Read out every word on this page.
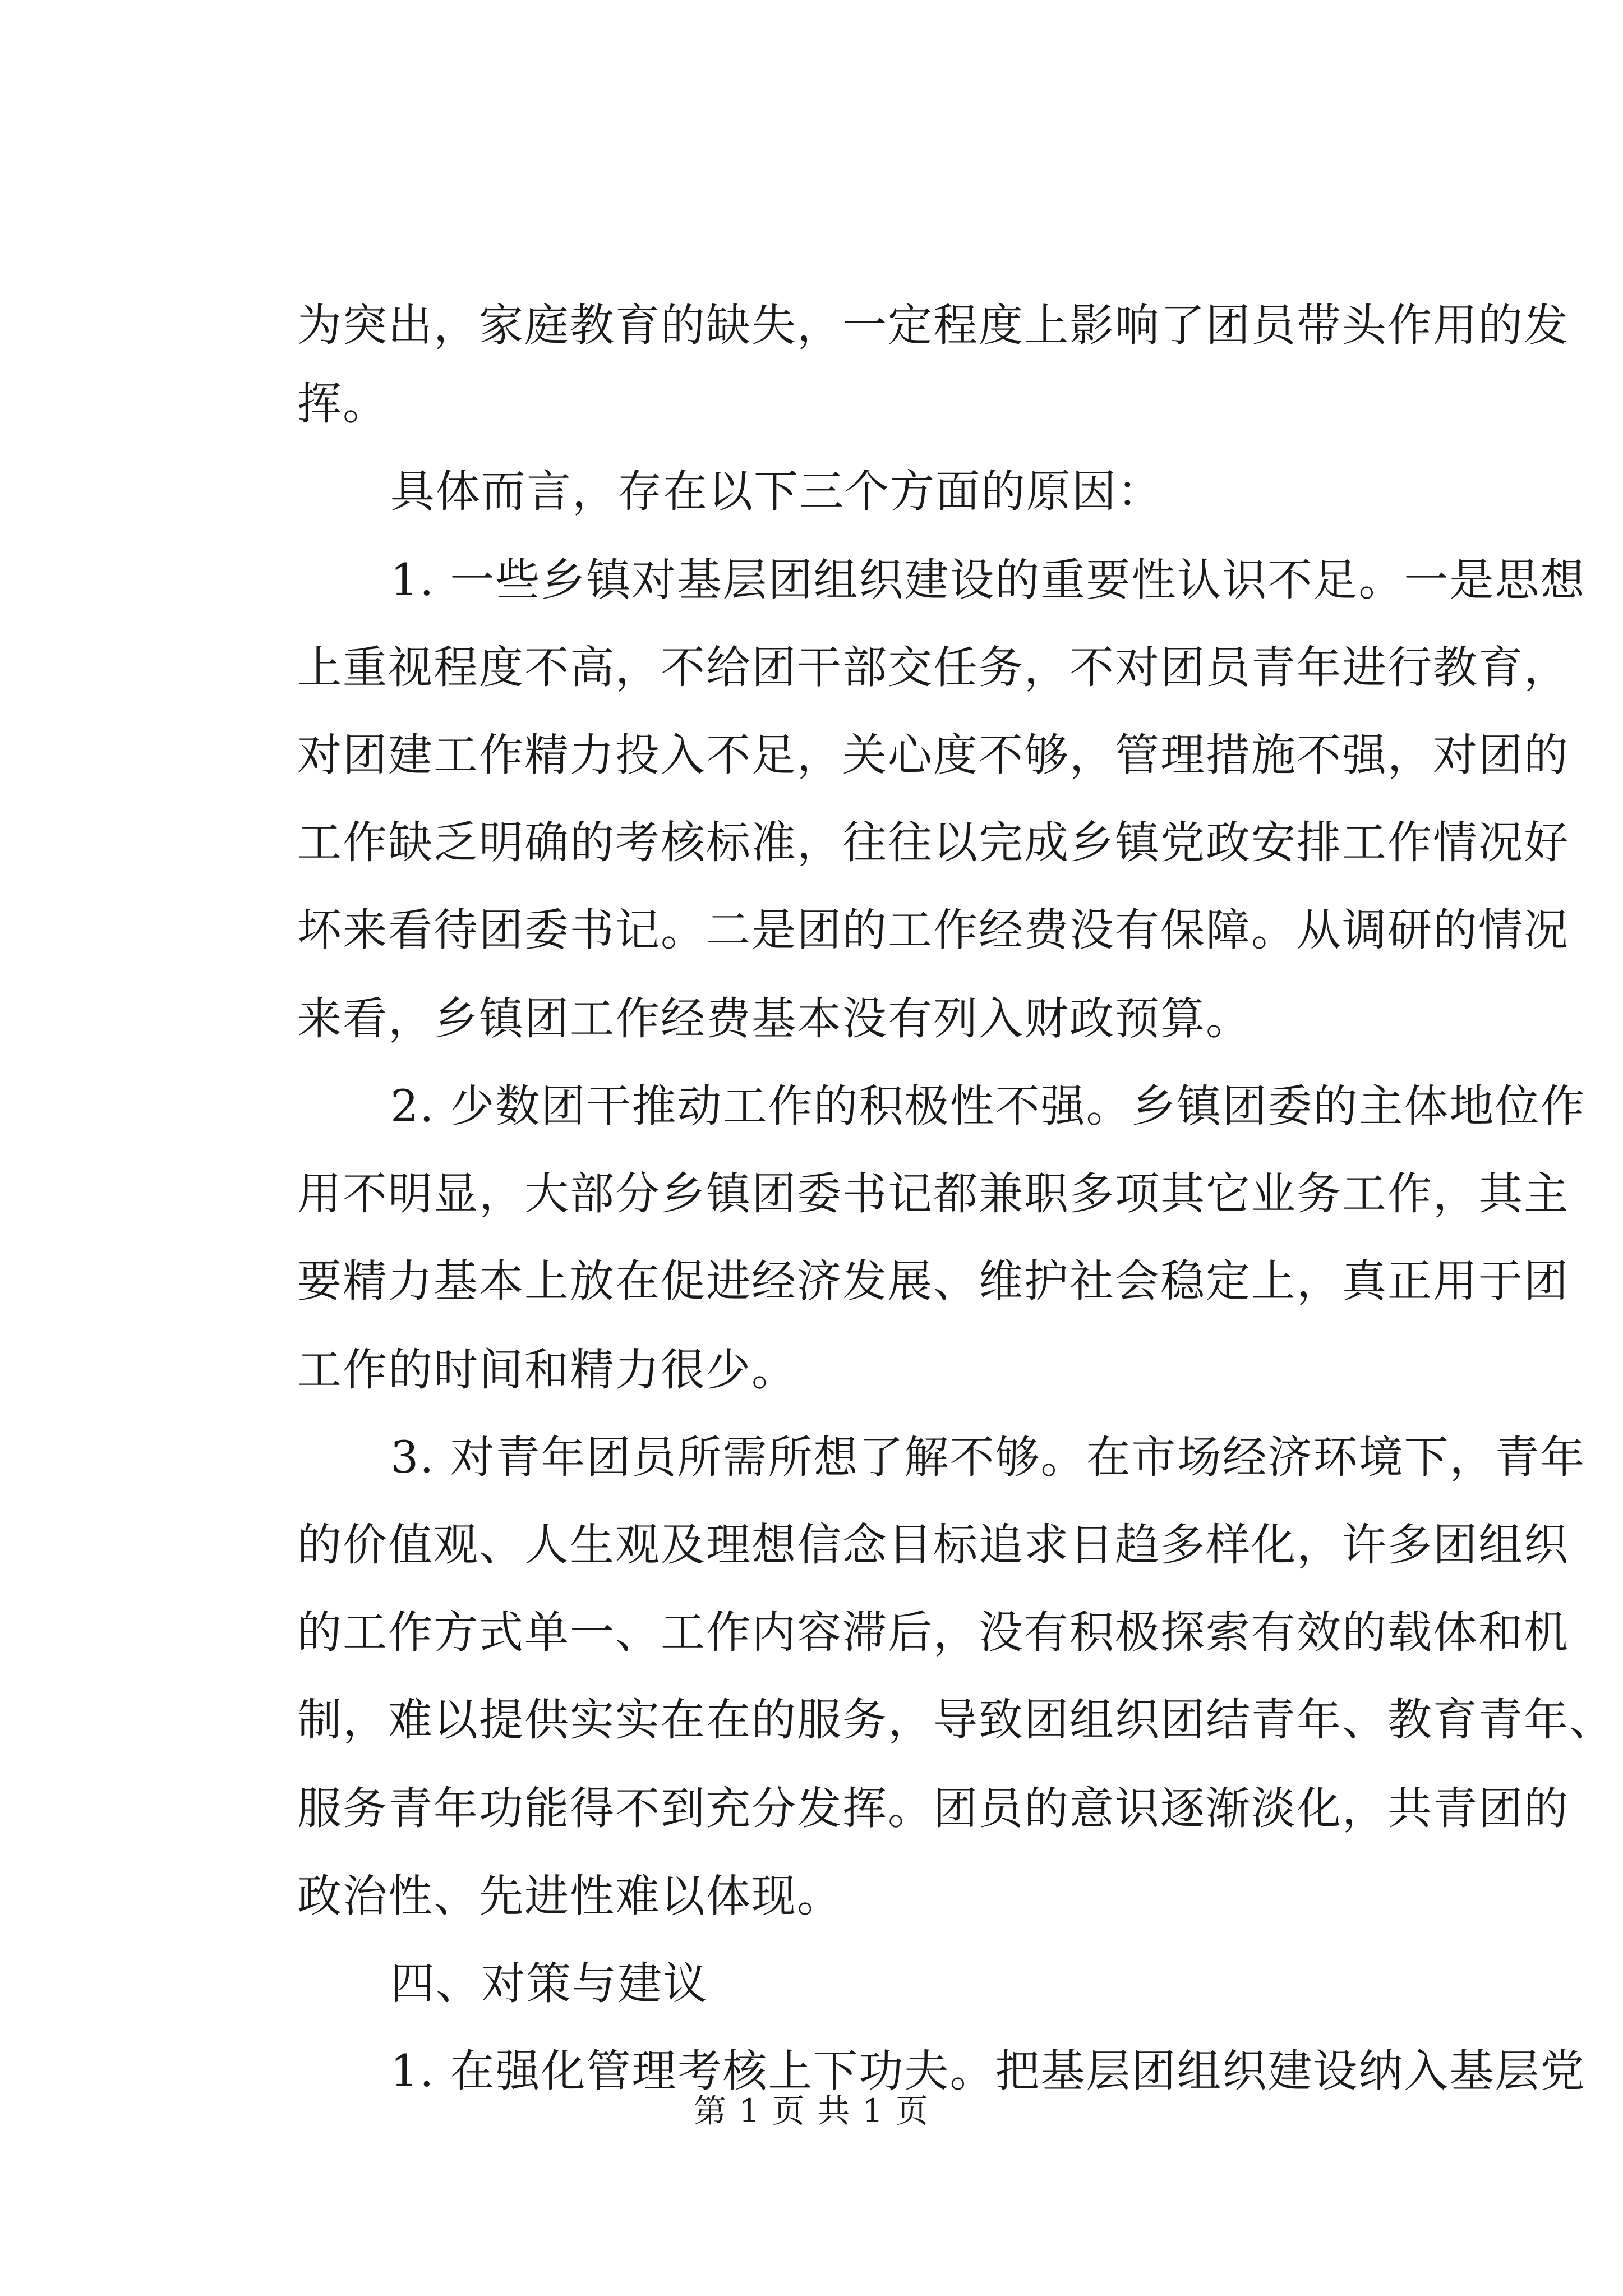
为突出，家庭教育的缺失，一定程度上影响了团员带头作用的发
挥。
具体而言，存在以下三个方面的原因：
1. 一些乡镇对基层团组织建设的重要性认识不足。一是思想
上重视程度不高，不给团干部交任务，不对团员青年进行教育，
对团建工作精力投入不足，关心度不够，管理措施不强，对团的
工作缺乏明确的考核标准，往往以完成乡镇党政安排工作情况好
坏来看待团委书记。二是团的工作经费没有保障。从调研的情况
来看，乡镇团工作经费基本没有列入财政预算。
2. 少数团干推动工作的积极性不强。乡镇团委的主体地位作
用不明显，大部分乡镇团委书记都兼职多项其它业务工作，其主
要精力基本上放在促进经济发展、维护社会稳定上，真正用于团
工作的时间和精力很少。
3. 对青年团员所需所想了解不够。在市场经济环境下，青年
的价值观、人生观及理想信念目标追求日趋多样化，许多团组织
的工作方式单一、工作内容滞后，没有积极探索有效的载体和机
制，难以提供实实在在的服务，导致团组织团结青年、教育青年、
服务青年功能得不到充分发挥。团员的意识逐渐淡化，共青团的
政治性、先进性难以体现。
四、对策与建议
1. 在强化管理考核上下功夫。把基层团组织建设纳入基层党
第 1 页 共 1 页
